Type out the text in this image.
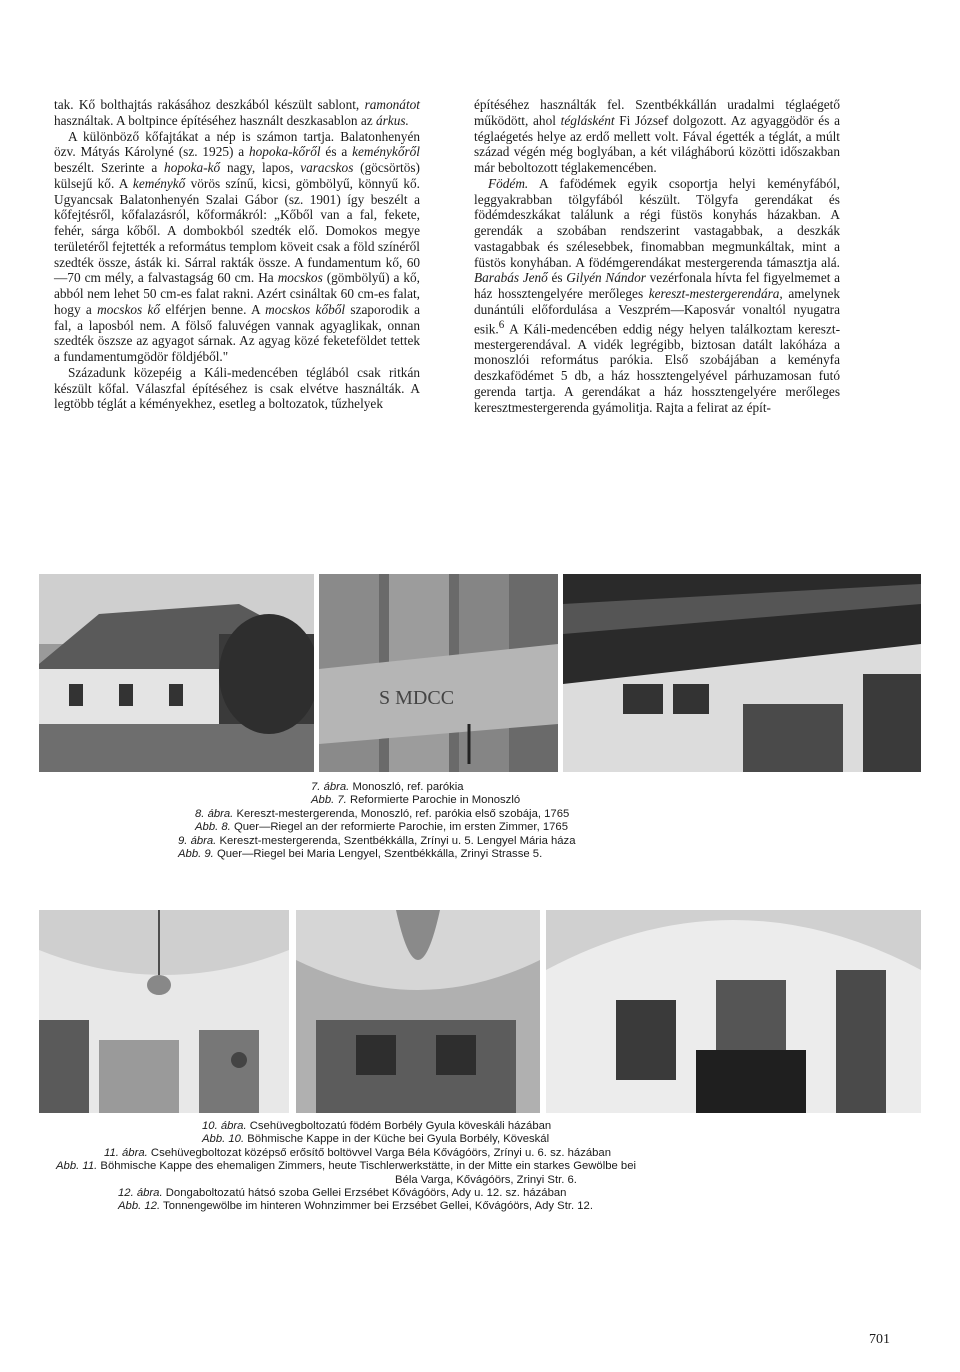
tak. Kő bolthajtás rakásához deszkából készült sablont, ramonátot használtak. A boltpince építéséhez használt deszkasablon az árkus.

A különböző kőfajtákat a nép is számon tartja. Balatonhenyén özv. Mátyás Károlyné (sz. 1925) a hopoka-kőről és a keménykőről beszélt. Szerinte a hopoka-kő nagy, lapos, varacskos (göcsörtös) külsejű kő. A keménykő vörös színű, kicsi, gömbölyű, könnyű kő. Ugyancsak Balatonhenyén Szalai Gábor (sz. 1901) így beszélt a kőfejtésről, kőfalazásról, kőformákról: „Kőből van a fal, fekete, fehér, sárga kőből. A dombokból szedték elő. Domokos megye területéről fejtették a református templom köveit csak a föld színéről szedték össze, ásták ki. Sárral rakták össze. A fundamentum kő, 60—70 cm mély, a falvastagság 60 cm. Ha mocskos (gömbölyű) a kő, abból nem lehet 50 cm-es falat rakni. Azért csináltak 60 cm-es falat, hogy a mocskos kő elférjen benne. A mocskos kőből szaporodik a fal, a laposból nem. A fölső faluvégen vannak agyaglikak, onnan szedték öszsze az agyagot sárnak. Az agyag közé feketeföldet tettek a fundamentumgödör földjéből."

Századunk közepéig a Káli-medencében téglából csak ritkán készült kőfal. Válaszfal építéséhez is csak elvétve használták. A legtöbb téglát a kéményekhez, esetleg a boltozatok, tűzhelyek

építéséhez használták fel. Szentbékkállán uradalmi téglaégető működött, ahol téglásként Fi József dolgozott. Az agyaggödör és a téglaégetés helye az erdő mellett volt. Fával égették a téglát, a múlt század végén még boglyában, a két világháború közötti időszakban már beboltozott téglakemencében.

Födém. A fafödémek egyik csoportja helyi keményfából, leggyakrabban tölgyfából készült. Tölgyfa gerendákat és födémdeszkákat találunk a régi füstös konyhás házakban. A gerendák a szobában rendszerint vastagabbak, a deszkák vastagabbak és szélesebbek, finomabban megmunkáltak, mint a füstös konyhában. A födémgerendákat mestergerenda támasztja alá. Barabás Jenő és Gilyén Nándor vezérfonala hívta fel figyelmemet a ház hossztengelyére merőleges kereszt-mestergerendára, amelynek dunántúli előfordulása a Veszprém—Kaposvár vonaltól nyugatra esik.$^6$ A Káli-medencében eddig négy helyen találkoztam kereszt-mestergerendával. A vidék legrégibb, biztosan datált lakóháza a monoszlói református parókia. Első szobájában a keményfa deszkafödémet 5 db, a ház hossztengelyével párhuzamosan futó gerenda tartja. A gerendákat a ház hossztengelyére merőleges keresztmestergerenda gyámolitja. Rajta a felirat az épít-

S MDCC
7. ábra. Monoszló, ref. parókia
Abb. 7. Reformierte Parochie in Monoszló
8. ábra. Kereszt-mestergerenda, Monoszló, ref. parókia első szobája, 1765
Abb. 8. Quer—Riegel an der reformierte Parochie, im ersten Zimmer, 1765
9. ábra. Kereszt-mestergerenda, Szentbékkálla, Zrínyi u. 5. Lengyel Mária háza
Abb. 9. Quer—Riegel bei Maria Lengyel, Szentbékkálla, Zrinyi Strasse 5.
10. ábra. Csehüvegboltozatú födém Borbély Gyula köveskáli házában
Abb. 10. Böhmische Kappe in der Küche bei Gyula Borbély, Köveskál
11. ábra. Csehüvegboltozat középső erősítő boltövvel Varga Béla Kővágóörs, Zrínyi u. 6. sz. házában
Abb. 11. Böhmische Kappe des ehemaligen Zimmers, heute Tischlerwerkstätte, in der Mitte ein starkes Gewölbe bei
Béla Varga, Kővágóörs, Zrinyi Str. 6.
12. ábra. Dongaboltozatú hátsó szoba Gellei Erzsébet Kővágóörs, Ady u. 12. sz. házában
Abb. 12. Tonnengewölbe im hinteren Wohnzimmer bei Erzsébet Gellei, Kővágóörs, Ady Str. 12.
701
